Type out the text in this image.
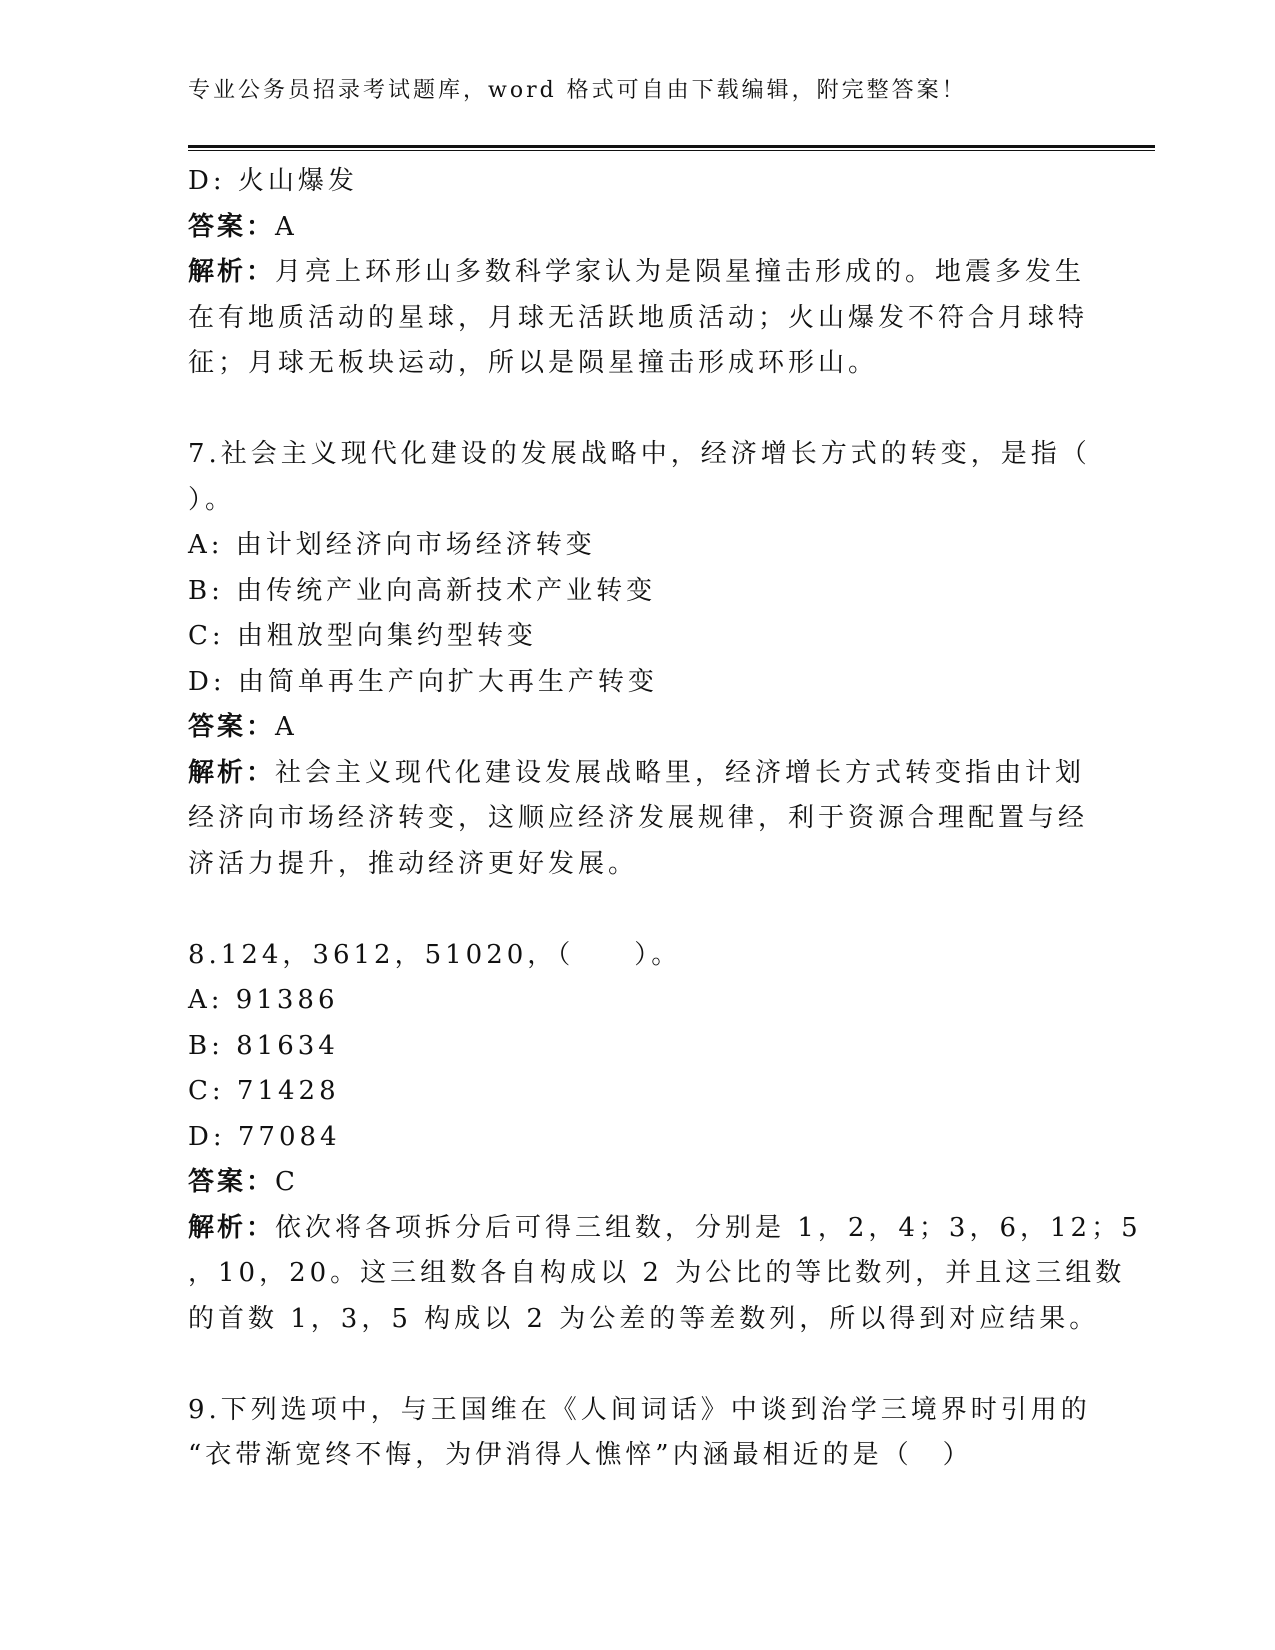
专业公务员招录考试题库，word 格式可自由下载编辑，附完整答案！
D: 火山爆发
答案：A
解析：月亮上环形山多数科学家认为是陨星撞击形成的。地震多发生
在有地质活动的星球，月球无活跃地质活动；火山爆发不符合月球特
征；月球无板块运动，所以是陨星撞击形成环形山。
7.社会主义现代化建设的发展战略中，经济增长方式的转变，是指（
）。
A: 由计划经济向市场经济转变
B: 由传统产业向高新技术产业转变
C: 由粗放型向集约型转变
D: 由简单再生产向扩大再生产转变
答案：A
解析：社会主义现代化建设发展战略里，经济增长方式转变指由计划
经济向市场经济转变，这顺应经济发展规律，利于资源合理配置与经
济活力提升，推动经济更好发展。
8.124，3612，51020，（　　）。
A: 91386
B: 81634
C: 71428
D: 77084
答案：C
解析：依次将各项拆分后可得三组数，分别是 1，2，4；3，6，12；5
，10，20。这三组数各自构成以 2 为公比的等比数列，并且这三组数
的首数 1，3，5 构成以 2 为公差的等差数列，所以得到对应结果。
9.下列选项中，与王国维在《人间词话》中谈到治学三境界时引用的
“衣带渐宽终不悔，为伊消得人憔悴”内涵最相近的是（　）
